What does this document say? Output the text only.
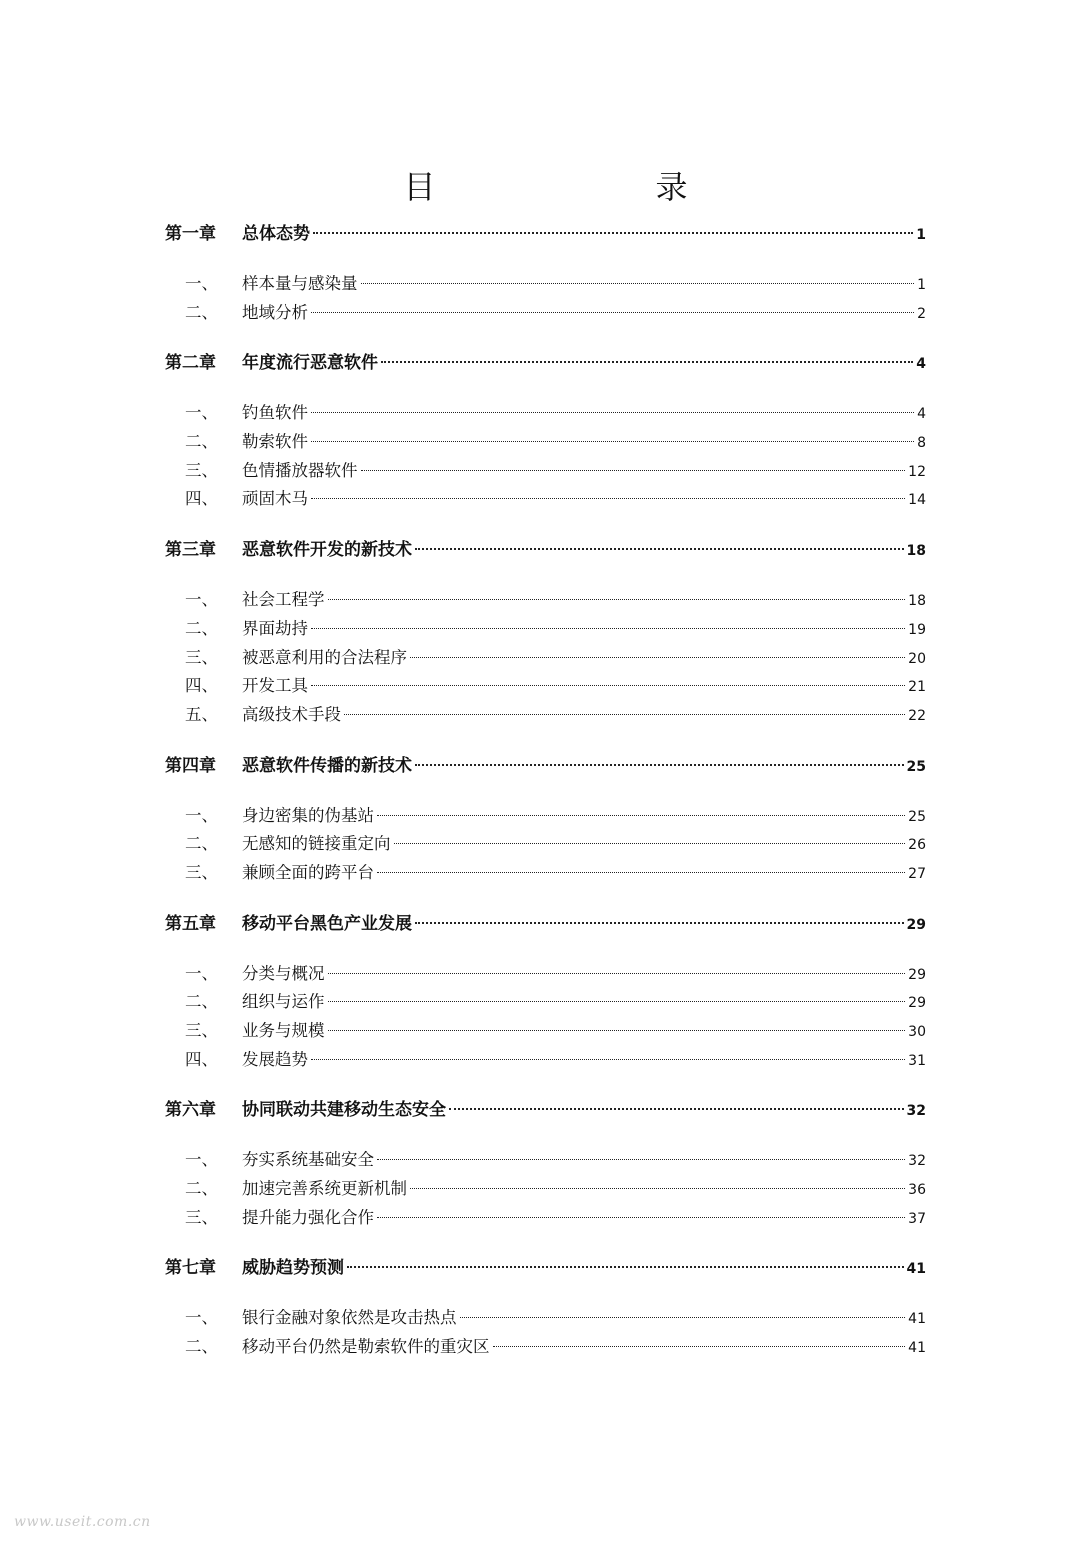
目　　录
第一章	总体态势	1
一、	样本量与感染量	1
二、	地域分析	2
第二章	年度流行恶意软件	4
一、	钓鱼软件	4
二、	勒索软件	8
三、	色情播放器软件	12
四、	顽固木马	14
第三章	恶意软件开发的新技术	18
一、	社会工程学	18
二、	界面劫持	19
三、	被恶意利用的合法程序	20
四、	开发工具	21
五、	高级技术手段	22
第四章	恶意软件传播的新技术	25
一、	身边密集的伪基站	25
二、	无感知的链接重定向	26
三、	兼顾全面的跨平台	27
第五章	移动平台黑色产业发展	29
一、	分类与概况	29
二、	组织与运作	29
三、	业务与规模	30
四、	发展趋势	31
第六章	协同联动共建移动生态安全	32
一、	夯实系统基础安全	32
二、	加速完善系统更新机制	36
三、	提升能力强化合作	37
第七章	威胁趋势预测	41
一、	银行金融对象依然是攻击热点	41
二、	移动平台仍然是勒索软件的重灾区	41
www.useit.com.cn
